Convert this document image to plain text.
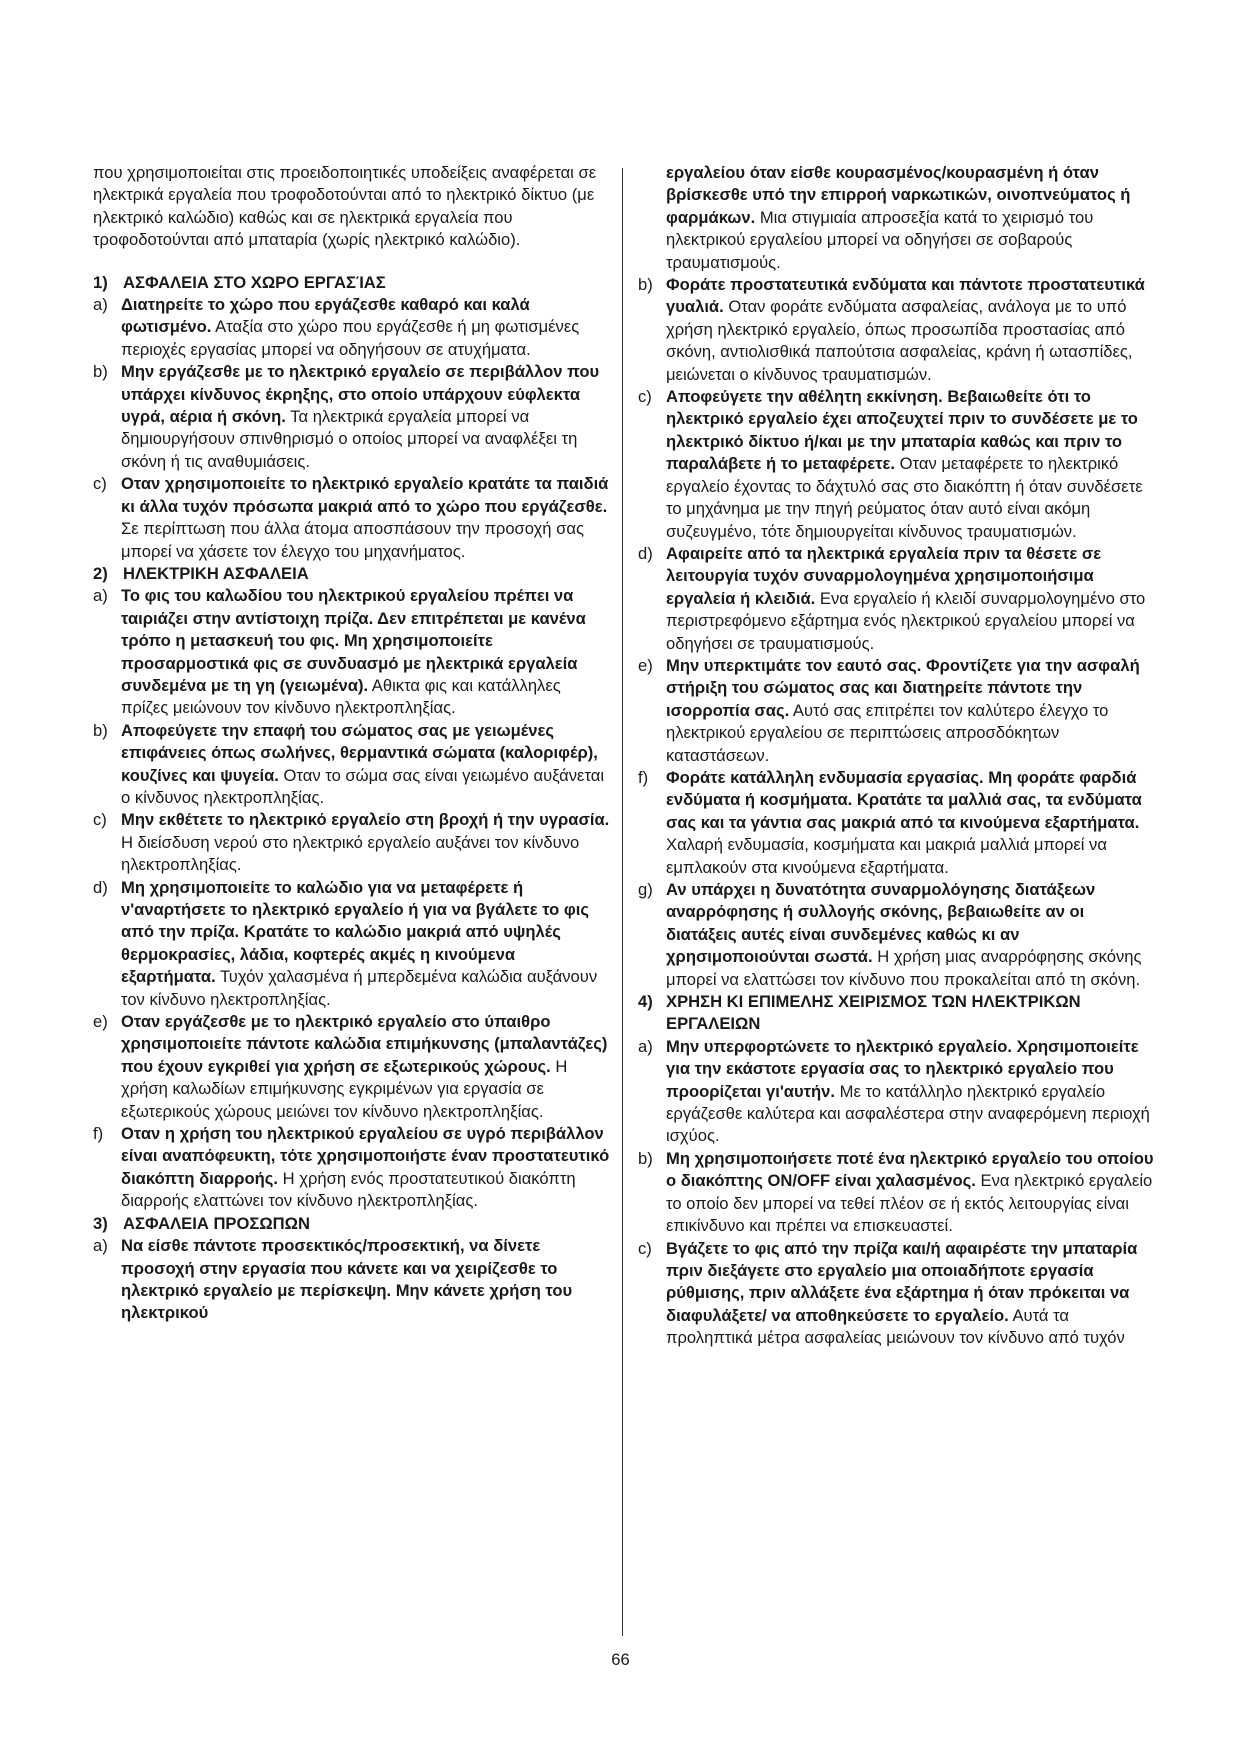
που χρησιμοποιείται στις προειδοποιητικές υποδείξεις αναφέρεται σε ηλεκτρικά εργαλεία που τροφοδοτούνται από το ηλεκτρικό δίκτυο (με ηλεκτρικό καλώδιο) καθώς και σε ηλεκτρικά εργαλεία που τροφοδοτούνται από μπαταρία (χωρίς ηλεκτρικό καλώδιο).

1) ΑΣΦΑΛΕΙΑ ΣΤΟ ΧΩΡΟ ΕΡΓΑΣΊΑΣ

a) Διατηρείτε το χώρο που εργάζεσθε καθαρό και καλά φωτισμένο. Αταξία στο χώρο που εργάζεσθε ή μη φωτισμένες περιοχές εργασίας μπορεί να οδηγήσουν σε ατυχήματα.

b) Μην εργάζεσθε με το ηλεκτρικό εργαλείο σε περιβάλλον που υπάρχει κίνδυνος έκρηξης, στο οποίο υπάρχουν εύφλεκτα υγρά, αέρια ή σκόνη. Τα ηλεκτρικά εργαλεία μπορεί να δημιουργήσουν σπινθηρισμό ο οποίος μπορεί να αναφλέξει τη σκόνη ή τις αναθυμιάσεις.

c) Οταν χρησιμοποιείτε το ηλεκτρικό εργαλείο κρατάτε τα παιδιά κι άλλα τυχόν πρόσωπα μακριά από το χώρο που εργάζεσθε. Σε περίπτωση που άλλα άτομα αποσπάσουν την προσοχή σας μπορεί να χάσετε τον έλεγχο του μηχανήματος.

2) ΗΛΕΚΤΡΙΚΗ ΑΣΦΑΛΕΙΑ

a) Το φις του καλωδίου του ηλεκτρικού εργαλείου πρέπει να ταιριάζει στην αντίστοιχη πρίζα. Δεν επιτρέπεται με κανένα τρόπο η μετασκευή του φις. Μη χρησιμοποιείτε προσαρμοστικά φις σε συνδυασμό με ηλεκτρικά εργαλεία συνδεμένα με τη γη (γειωμένα). Αθικτα φις και κατάλληλες πρίζες μειώνουν τον κίνδυνο ηλεκτροπληξίας.

b) Αποφεύγετε την επαφή του σώματος σας με γειωμένες επιφάνειες όπως σωλήνες, θερμαντικά σώματα (καλοριφέρ), κουζίνες και ψυγεία. Οταν το σώμα σας είναι γειωμένο αυξάνεται ο κίνδυνος ηλεκτροπληξίας.

c) Μην εκθέτετε το ηλεκτρικό εργαλείο στη βροχή ή την υγρασία. Η διείσδυση νερού στο ηλεκτρικό εργαλείο αυξάνει τον κίνδυνο ηλεκτροπληξίας.

d) Μη χρησιμοποιείτε το καλώδιο για να μεταφέρετε ή ν'αναρτήσετε το ηλεκτρικό εργαλείο ή για να βγάλετε το φις από την πρίζα. Κρατάτε το καλώδιο μακριά από υψηλές θερμοκρασίες, λάδια, κοφτερές ακμές η κινούμενα εξαρτήματα. Τυχόν χαλασμένα ή μπερδεμένα καλώδια αυξάνουν τον κίνδυνο ηλεκτροπληξίας.

e) Οταν εργάζεσθε με το ηλεκτρικό εργαλείο στο ύπαιθρο χρησιμοποιείτε πάντοτε καλώδια επιμήκυνσης (μπαλαντάζες) που έχουν εγκριθεί για χρήση σε εξωτερικούς χώρους. Η χρήση καλωδίων επιμήκυνσης εγκριμένων για εργασία σε εξωτερικούς χώρους μειώνει τον κίνδυνο ηλεκτροπληξίας.

f) Οταν η χρήση του ηλεκτρικού εργαλείου σε υγρό περιβάλλον είναι αναπόφευκτη, τότε χρησιμοποιήστε έναν προστατευτικό διακόπτη διαρροής. Η χρήση ενός προστατευτικού διακόπτη διαρροής ελαττώνει τον κίνδυνο ηλεκτροπληξίας.

3) ΑΣΦΑΛΕΙΑ ΠΡΟΣΩΠΩΝ

a) Να είσθε πάντοτε προσεκτικός/προσεκτική, να δίνετε προσοχή στην εργασία που κάνετε και να χειρίζεσθε το ηλεκτρικό εργαλείο με περίσκεψη. Μην κάνετε χρήση του ηλεκτρικού

εργαλείου όταν είσθε κουρασμένος/κουρασμένη ή όταν βρίσκεσθε υπό την επιρροή ναρκωτικών, οινοπνεύματος ή φαρμάκων. Μια στιγμιαία απροσεξία κατά το χειρισμό του ηλεκτρικού εργαλείου μπορεί να οδηγήσει σε σοβαρούς τραυματισμούς.

b) Φοράτε προστατευτικά ενδύματα και πάντοτε προστατευτικά γυαλιά. Οταν φοράτε ενδύματα ασφαλείας, ανάλογα με το υπό χρήση ηλεκτρικό εργαλείο, όπως προσωπίδα προστασίας από σκόνη, αντιολισθικά παπούτσια ασφαλείας, κράνη ή ωτασπίδες, μειώνεται ο κίνδυνος τραυματισμών.

c) Αποφεύγετε την αθέλητη εκκίνηση. Βεβαιωθείτε ότι το ηλεκτρικό εργαλείο έχει αποζευχτεί πριν το συνδέσετε με το ηλεκτρικό δίκτυο ή/και με την μπαταρία καθώς και πριν το παραλάβετε ή το μεταφέρετε. Οταν μεταφέρετε το ηλεκτρικό εργαλείο έχοντας το δάχτυλό σας στο διακόπτη ή όταν συνδέσετε το μηχάνημα με την πηγή ρεύματος όταν αυτό είναι ακόμη συζευγμένο, τότε δημιουργείται κίνδυνος τραυματισμών.

d) Αφαιρείτε από τα ηλεκτρικά εργαλεία πριν τα θέσετε σε λειτουργία τυχόν συναρμολογημένα χρησιμοποιήσιμα εργαλεία ή κλειδιά. Ενα εργαλείο ή κλειδί συναρμολογημένο στο περιστρεφόμενο εξάρτημα ενός ηλεκτρικού εργαλείου μπορεί να οδηγήσει σε τραυματισμούς.

e) Μην υπερκτιμάτε τον εαυτό σας. Φροντίζετε για την ασφαλή στήριξη του σώματος σας και διατηρείτε πάντοτε την ισορροπία σας. Αυτό σας επιτρέπει τον καλύτερο έλεγχο το ηλεκτρικού εργαλείου σε περιπτώσεις απροσδόκητων καταστάσεων.

f) Φοράτε κατάλληλη ενδυμασία εργασίας. Μη φοράτε φαρδιά ενδύματα ή κοσμήματα. Κρατάτε τα μαλλιά σας, τα ενδύματα σας και τα γάντια σας μακριά από τα κινούμενα εξαρτήματα. Χαλαρή ενδυμασία, κοσμήματα και μακριά μαλλιά μπορεί να εμπλακούν στα κινούμενα εξαρτήματα.

g) Αν υπάρχει η δυνατότητα συναρμολόγησης διατάξεων αναρρόφησης ή συλλογής σκόνης, βεβαιωθείτε αν οι διατάξεις αυτές είναι συνδεμένες καθώς κι αν χρησιμοποιούνται σωστά. Η χρήση μιας αναρρόφησης σκόνης μπορεί να ελαττώσει τον κίνδυνο που προκαλείται από τη σκόνη.

4) ΧΡΗΣΗ ΚΙ ΕΠΙΜΕΛΗΣ ΧΕΙΡΙΣΜΟΣ ΤΩΝ ΗΛΕΚΤΡΙΚΩΝ ΕΡΓΑΛΕΙΩΝ

a) Μην υπερφορτώνετε το ηλεκτρικό εργαλείο. Χρησιμοποιείτε για την εκάστοτε εργασία σας το ηλεκτρικό εργαλείο που προορίζεται γι'αυτήν. Με το κατάλληλο ηλεκτρικό εργαλείο εργάζεσθε καλύτερα και ασφαλέστερα στην αναφερόμενη περιοχή ισχύος.

b) Μη χρησιμοποιήσετε ποτέ ένα ηλεκτρικό εργαλείο του οποίου ο διακόπτης ON/OFF είναι χαλασμένος. Ενα ηλεκτρικό εργαλείο το οποίο δεν μπορεί να τεθεί πλέον σε ή εκτός λειτουργίας είναι επικίνδυνο και πρέπει να επισκευαστεί.

c) Βγάζετε το φις από την πρίζα και/ή αφαιρέστε την μπαταρία πριν διεξάγετε στο εργαλείο μια οποιαδήποτε εργασία ρύθμισης, πριν αλλάξετε ένα εξάρτημα ή όταν πρόκειται να διαφυλάξετε/ να αποθηκεύσετε το εργαλείο. Αυτά τα προληπτικά μέτρα ασφαλείας μειώνουν τον κίνδυνο από τυχόν

66
